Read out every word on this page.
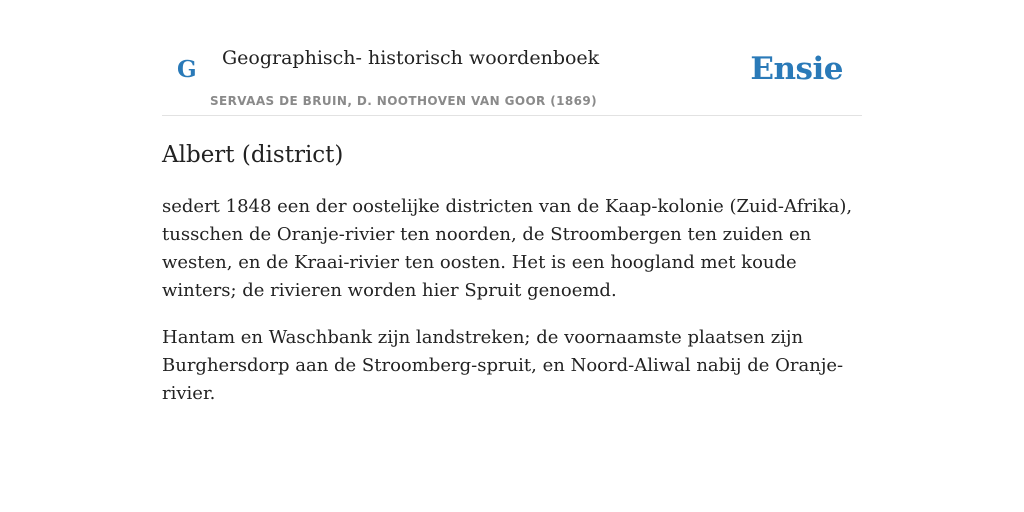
G Geographisch- historisch woordenboek
SERVAAS DE BRUIN, D. NOOTHOVEN VAN GOOR (1869)
Ensie
Albert (district)

sedert 1848 een der oostelijke districten van de Kaap-kolonie (Zuid-Afrika), tusschen de Oranje-rivier ten noorden, de Stroombergen ten zuiden en westen, en de Kraai-rivier ten oosten. Het is een hoogland met koude winters; de rivieren worden hier Spruit genoemd.

Hantam en Waschbank zijn landstreken; de voornaamste plaatsen zijn Burghersdorp aan de Stroomberg-spruit, en Noord-Aliwal nabij de Oranje-rivier.
